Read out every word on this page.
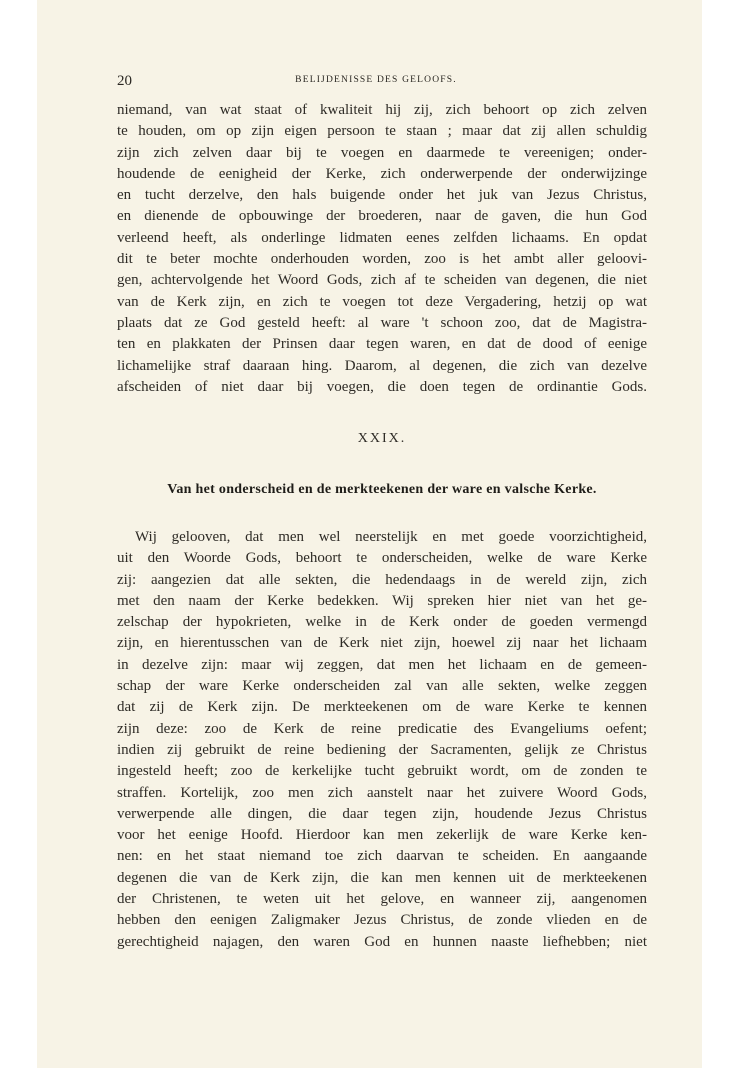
20	BELIJDENISSE DES GELOOFS.
niemand, van wat staat of kwaliteit hij zij, zich behoort op zich zelven
te houden, om op zijn eigen persoon te staan ; maar dat zij allen schuldig
zijn zich zelven daar bij te voegen en daarmede te vereenigen; onder-
houdende de eenigheid der Kerke, zich onderwerpende der onderwijzinge
en tucht derzelve, den hals buigende onder het juk van Jezus Christus,
en dienende de opbouwinge der broederen, naar de gaven, die hun God
verleend heeft, als onderlinge lidmaten eenes zelfden lichaams. En opdat
dit te beter mochte onderhouden worden, zoo is het ambt aller geloovi-
gen, achtervolgende het Woord Gods, zich af te scheiden van degenen, die niet
van de Kerk zijn, en zich te voegen tot deze Vergadering, hetzij op wat
plaats dat ze God gesteld heeft: al ware 't schoon zoo, dat de Magistra-
ten en plakkaten der Prinsen daar tegen waren, en dat de dood of eenige
lichamelijke straf daaraan hing. Daarom, al degenen, die zich van dezelve
afscheiden of niet daar bij voegen, die doen tegen de ordinantie Gods.
XXIX.
Van het onderscheid en de merkteekenen der ware en valsche Kerke.
Wij gelooven, dat men wel neerstelijk en met goede voorzichtigheid,
uit den Woorde Gods, behoort te onderscheiden, welke de ware Kerke
zij: aangezien dat alle sekten, die hedendaags in de wereld zijn, zich
met den naam der Kerke bedekken. Wij spreken hier niet van het ge-
zelschap der hypokrieten, welke in de Kerk onder de goeden vermengd
zijn, en hierentusschen van de Kerk niet zijn, hoewel zij naar het lichaam
in dezelve zijn: maar wij zeggen, dat men het lichaam en de gemeen-
schap der ware Kerke onderscheiden zal van alle sekten, welke zeggen
dat zij de Kerk zijn. De merkteekenen om de ware Kerke te kennen
zijn deze: zoo de Kerk de reine predicatie des Evangeliums oefent;
indien zij gebruikt de reine bediening der Sacramenten, gelijk ze Christus
ingesteld heeft; zoo de kerkelijke tucht gebruikt wordt, om de zonden te
straffen. Kortelijk, zoo men zich aanstelt naar het zuivere Woord Gods,
verwerpende alle dingen, die daar tegen zijn, houdende Jezus Christus
voor het eenige Hoofd. Hierdoor kan men zekerlijk de ware Kerke ken-
nen: en het staat niemand toe zich daarvan te scheiden. En aangaande
degenen die van de Kerk zijn, die kan men kennen uit de merkteekenen
der Christenen, te weten uit het gelove, en wanneer zij, aangenomen
hebben den eenigen Zaligmaker Jezus Christus, de zonde vlieden en de
gerechtigheid najagen, den waren God en hunnen naaste liefhebben; niet
